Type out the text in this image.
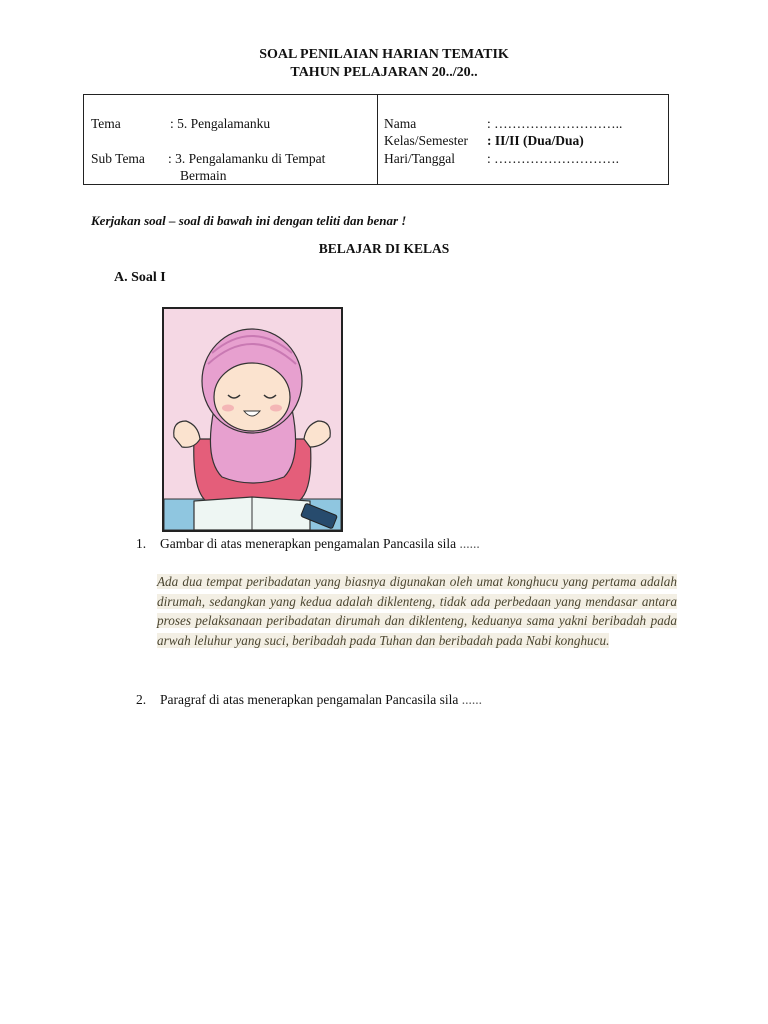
SOAL PENILAIAN HARIAN TEMATIK
TAHUN PELAJARAN 20../20..
Tema	: 5. Pengalamanku
Sub Tema : 3. Pengalamanku di Tempat
Bermain
Nama	: ………………………..
Kelas/Semester : II/II (Dua/Dua)
Hari/Tanggal : ……………………….
Kerjakan soal – soal di bawah ini dengan teliti dan benar !
BELAJAR DI KELAS
A. Soal I
1. Gambar di atas menerapkan pengamalan Pancasila sila ......
Ada dua tempat peribadatan yang biasnya digunakan oleh umat konghucu yang pertama adalah dirumah, sedangkan yang kedua adalah diklenteng, tidak ada perbedaan yang mendasar antara proses pelaksanaan peribadatan dirumah dan diklenteng, keduanya sama yakni beribadah pada arwah leluhur yang suci, beribadah pada Tuhan dan beribadah pada Nabi konghucu.
2. Paragraf di atas menerapkan pengamalan Pancasila sila ......
